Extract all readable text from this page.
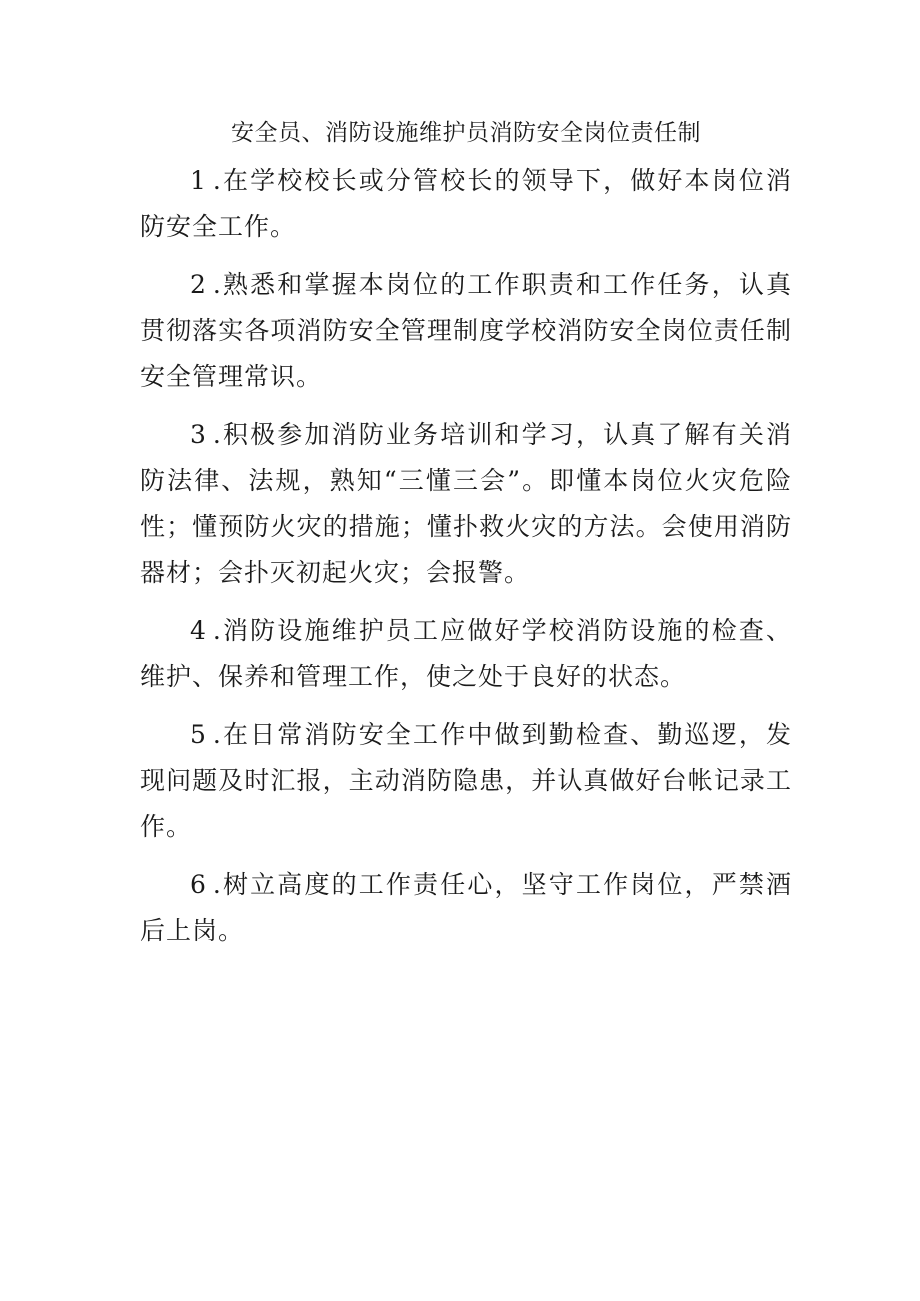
安全员、消防设施维护员消防安全岗位责任制

1 .在学校校长或分管校长的领导下，做好本岗位消防安全工作。

2 .熟悉和掌握本岗位的工作职责和工作任务，认真贯彻落实各项消防安全管理制度学校消防安全岗位责任制安全管理常识。

3 .积极参加消防业务培训和学习，认真了解有关消防法律、法规，熟知“三懂三会”。即懂本岗位火灾危险性；懂预防火灾的措施；懂扑救火灾的方法。会使用消防器材；会扑灭初起火灾；会报警。

4 .消防设施维护员工应做好学校消防设施的检查、维护、保养和管理工作，使之处于良好的状态。

5 .在日常消防安全工作中做到勤检查、勤巡逻，发现问题及时汇报，主动消防隐患，并认真做好台帐记录工作。

6 .树立高度的工作责任心，坚守工作岗位，严禁酒后上岗。
